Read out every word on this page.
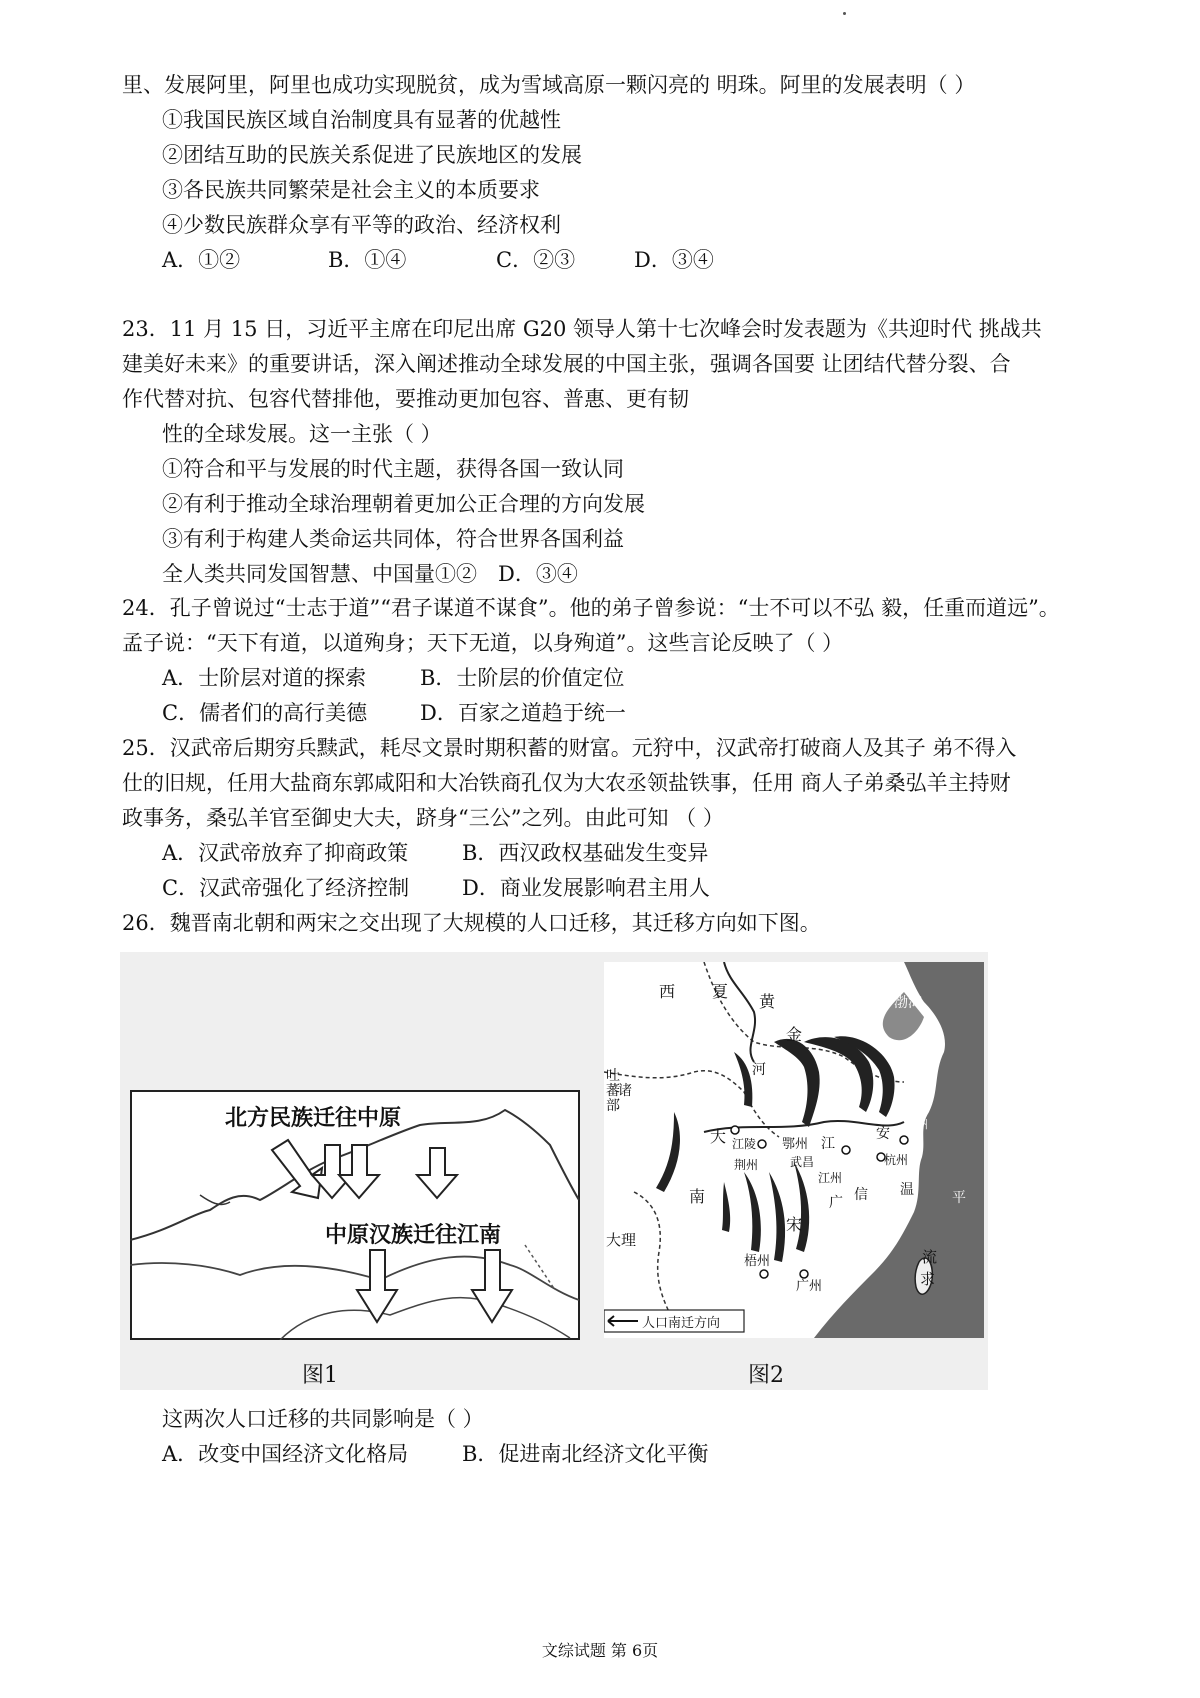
里、发展阿里，阿里也成功实现脱贫，成为雪域高原一颗闪亮的 明珠。阿里的发展表明（ ）
①我国民族区域自治制度具有显著的优越性
②团结互助的民族关系促进了民族地区的发展
③各民族共同繁荣是社会主义的本质要求
④少数民族群众享有平等的政治、经济权利
A．①②	B．①④	C．②③	D．③④
23．11 月 15 日，习近平主席在印尼出席 G20 领导人第十七次峰会时发表题为《共迎时代 挑战共
建美好未来》的重要讲话，深入阐述推动全球发展的中国主张，强调各国要 让团结代替分裂、合
作代替对抗、包容代替排他，要推动更加包容、普惠、更有韧
性的全球发展。这一主张（ ）
①符合和平与发展的时代主题，获得各国一致认同
②有利于推动全球治理朝着更加公正合理的方向发展
③有利于构建人类命运共同体，符合世界各国利益
全人类共同发国智慧、中国量①② D．③④
24．孔子曾说过“士志于道”“君子谋道不谋食”。他的弟子曾参说：“士不可以不弘 毅，任重而道远”。
孟子说：“天下有道，以道殉身；天下无道，以身殉道”。这些言论反映了（ ）
A．士阶层对道的探索	B．士阶层的价值定位
C．儒者们的高行美德	D．百家之道趋于统一
25．汉武帝后期穷兵黩武，耗尽文景时期积蓄的财富。元狩中，汉武帝打破商人及其子 弟不得入
仕的旧规，任用大盐商东郭咸阳和大冶铁商孔仅为大农丞领盐铁事，任用 商人子弟桑弘羊主持财
政事务，桑弘羊官至御史大夫，跻身“三公”之列。由此可知 （ ）
A．汉武帝放弃了抑商政策	B．西汉政权基础发生变异
C．汉武帝强化了经济控制	D．商业发展影响君主用人
26．魏晋南北朝和两宋之交出现了大规模的人口迁移，其迁移方向如下图。
北方民族迁往中原
中原汉族迁往江南
图1
西 夏
黄
金
河
渤海
吐
蕃
诸
部
大 江陵
荆州
鄂州 江
武昌
江州
杭州
苏州
安
信
广
温	平
南
宋
大理
梧州
广州
流
求
人口南迁方向
图2
这两次人口迁移的共同影响是（ ）
A．改变中国经济文化格局	B．促进南北经济文化平衡
文综试题 第 6页
